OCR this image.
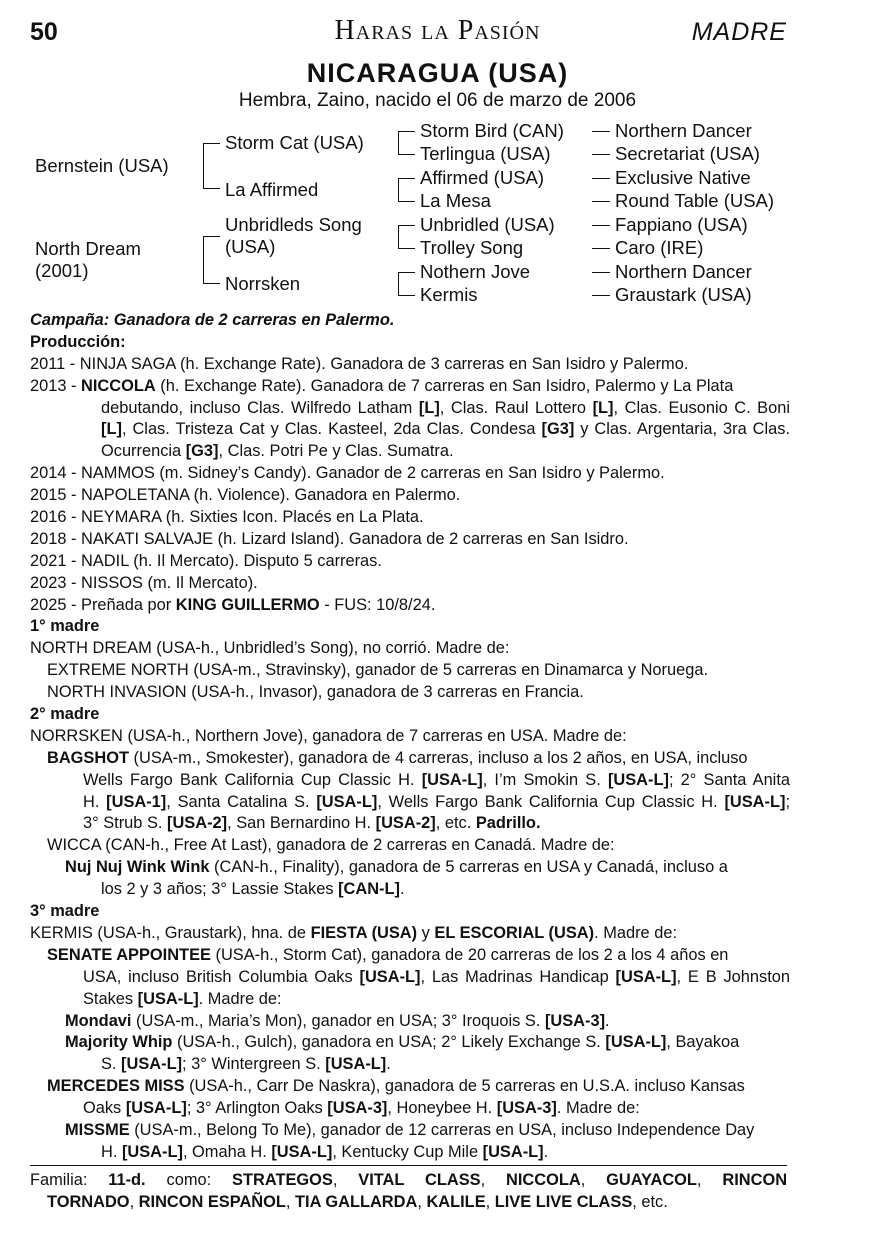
50	Haras la Pasión	MADRE
NICARAGUA (USA)
Hembra, Zaino, nacido el 06 de marzo de 2006
Bernstein (USA)
North Dream (2001)
Storm Cat (USA)
La Affirmed
Unbridleds Song (USA)
Norrsken
Storm Bird (CAN)
Terlingua (USA)
Affirmed (USA)
La Mesa
Unbridled (USA)
Trolley Song
Nothern Jove
Kermis
Northern Dancer
Secretariat (USA)
Exclusive Native
Round Table (USA)
Fappiano (USA)
Caro (IRE)
Northern Dancer
Graustark (USA)
Campaña: Ganadora de 2 carreras en Palermo.
Producción:
2011 - NINJA SAGA (h. Exchange Rate). Ganadora de 3 carreras en San Isidro y Palermo.
2013 - NICCOLA (h. Exchange Rate). Ganadora de 7 carreras en San Isidro, Palermo y La Plata
debutando, incluso Clas. Wilfredo Latham [L], Clas. Raul Lottero [L], Clas. Eusonio C. Boni
[L], Clas. Tristeza Cat y Clas. Kasteel, 2da Clas. Condesa [G3] y Clas. Argentaria, 3ra Clas.
Ocurrencia [G3], Clas. Potri Pe y Clas. Sumatra.
2014 - NAMMOS (m. Sidney’s Candy). Ganador de 2 carreras en San Isidro y Palermo.
2015 - NAPOLETANA (h. Violence). Ganadora en Palermo.
2016 - NEYMARA (h. Sixties Icon. Placés en La Plata.
2018 - NAKATI SALVAJE (h. Lizard Island). Ganadora de 2 carreras en San Isidro.
2021 - NADIL (h. Il Mercato). Disputo 5 carreras.
2023 - NISSOS (m. Il Mercato).
2025 - Preñada por KING GUILLERMO - FUS: 10/8/24.
1° madre
NORTH DREAM (USA-h., Unbridled’s Song), no corrió. Madre de:
EXTREME NORTH (USA-m., Stravinsky), ganador de 5 carreras en Dinamarca y Noruega.
NORTH INVASION (USA-h., Invasor), ganadora de 3 carreras en Francia.
2° madre
NORRSKEN (USA-h., Northern Jove), ganadora de 7 carreras en USA. Madre de:
BAGSHOT (USA-m., Smokester), ganadora de 4 carreras, incluso a los 2 años, en USA, incluso
Wells Fargo Bank California Cup Classic H. [USA-L], I’m Smokin S. [USA-L]; 2° Santa Anita
H. [USA-1], Santa Catalina S. [USA-L], Wells Fargo Bank California Cup Classic H. [USA-L];
3° Strub S. [USA-2], San Bernardino H. [USA-2], etc. Padrillo.
WICCA (CAN-h., Free At Last), ganadora de 2 carreras en Canadá. Madre de:
Nuj Nuj Wink Wink (CAN-h., Finality), ganadora de 5 carreras en USA y Canadá, incluso a
los 2 y 3 años; 3° Lassie Stakes [CAN-L].
3° madre
KERMIS (USA-h., Graustark), hna. de FIESTA (USA) y EL ESCORIAL (USA). Madre de:
SENATE APPOINTEE (USA-h., Storm Cat), ganadora de 20 carreras de los 2 a los 4 años en
USA, incluso British Columbia Oaks [USA-L], Las Madrinas Handicap [USA-L], E B Johnston
Stakes [USA-L]. Madre de:
Mondavi (USA-m., Maria’s Mon), ganador en USA; 3° Iroquois S. [USA-3].
Majority Whip (USA-h., Gulch), ganadora en USA; 2° Likely Exchange S. [USA-L], Bayakoa
S. [USA-L]; 3° Wintergreen S. [USA-L].
MERCEDES MISS (USA-h., Carr De Naskra), ganadora de 5 carreras en U.S.A. incluso Kansas
Oaks [USA-L]; 3° Arlington Oaks [USA-3], Honeybee H. [USA-3]. Madre de:
MISSME (USA-m., Belong To Me), ganador de 12 carreras en USA, incluso Independence Day
H. [USA-L], Omaha H. [USA-L], Kentucky Cup Mile [USA-L].
Familia: 11-d. como: STRATEGOS, VITAL CLASS, NICCOLA, GUAYACOL, RINCON
TORNADO, RINCON ESPAÑOL, TIA GALLARDA, KALILE, LIVE LIVE CLASS, etc.
